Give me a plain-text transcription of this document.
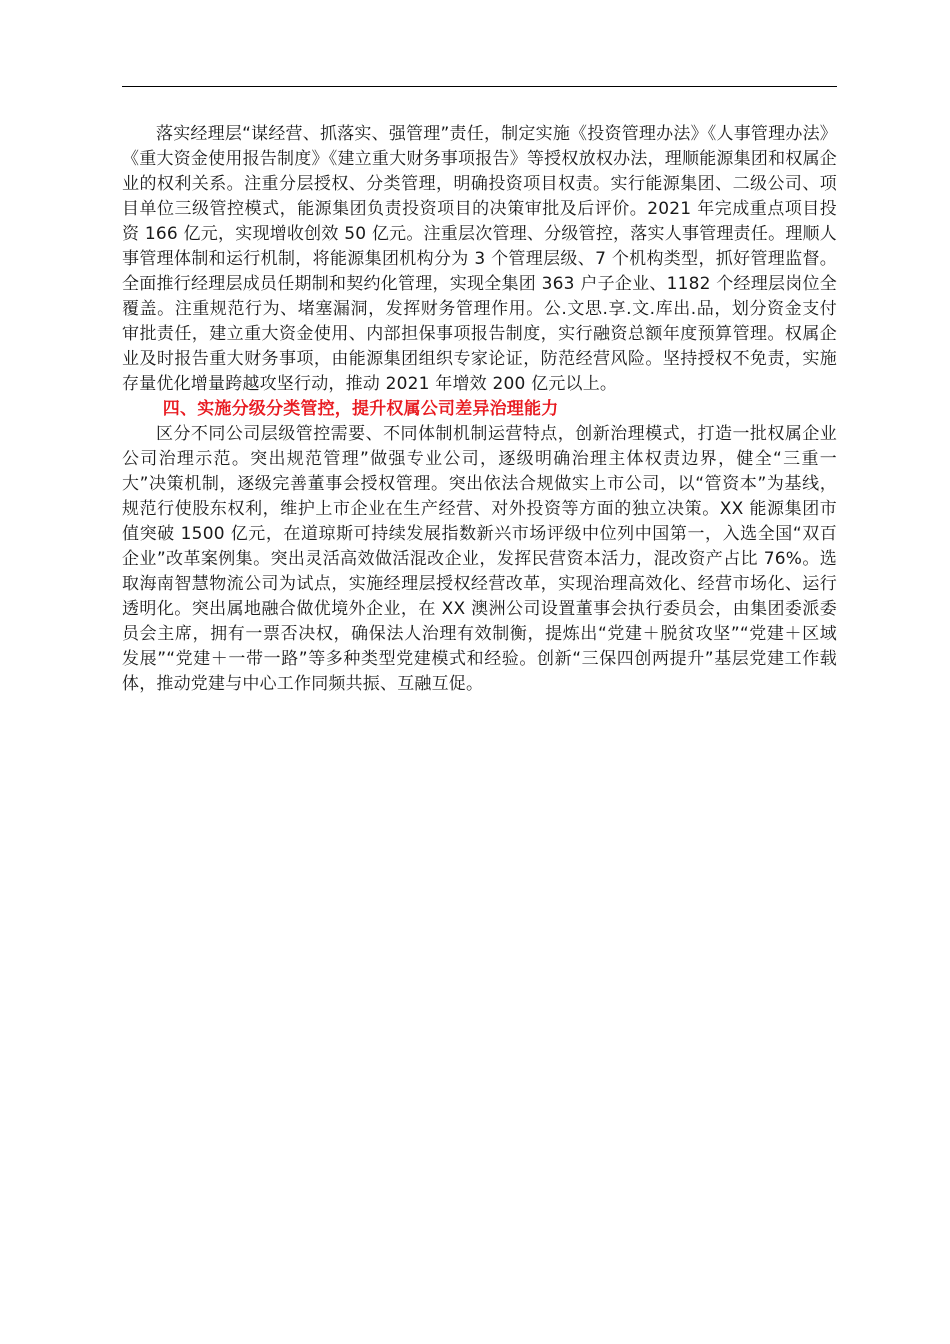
落实经理层“谋经营、抓落实、强管理”责任，制定实施《投资管理办法》《人事管理办法》《重大资金使用报告制度》《建立重大财务事项报告》等授权放权办法，理顺能源集团和权属企业的权利关系。注重分层授权、分类管理，明确投资项目权责。实行能源集团、二级公司、项目单位三级管控模式，能源集团负责投资项目的决策审批及后评价。2021 年完成重点项目投资 166 亿元，实现增收创效 50 亿元。注重层次管理、分级管控，落实人事管理责任。理顺人事管理体制和运行机制，将能源集团机构分为 3 个管理层级、7 个机构类型，抓好管理监督。全面推行经理层成员任期制和契约化管理，实现全集团 363 户子企业、1182 个经理层岗位全覆盖。注重规范行为、堵塞漏洞，发挥财务管理作用。公.文思.享.文.库出.品，划分资金支付审批责任，建立重大资金使用、内部担保事项报告制度，实行融资总额年度预算管理。权属企业及时报告重大财务事项，由能源集团组织专家论证，防范经营风险。坚持授权不免责，实施存量优化增量跨越攻坚行动，推动 2021 年增效 200 亿元以上。

四、实施分级分类管控，提升权属公司差异治理能力

区分不同公司层级管控需要、不同体制机制运营特点，创新治理模式，打造一批权属企业公司治理示范。突出规范管理”做强专业公司，逐级明确治理主体权责边界，健全“三重一大”决策机制，逐级完善董事会授权管理。突出依法合规做实上市公司，以“管资本”为基线，规范行使股东权利，维护上市企业在生产经营、对外投资等方面的独立决策。XX 能源集团市值突破 1500 亿元，在道琼斯可持续发展指数新兴市场评级中位列中国第一，入选全国“双百企业”改革案例集。突出灵活高效做活混改企业，发挥民营资本活力，混改资产占比 76%。选取海南智慧物流公司为试点，实施经理层授权经营改革，实现治理高效化、经营市场化、运行透明化。突出属地融合做优境外企业，在 XX 澳洲公司设置董事会执行委员会，由集团委派委员会主席，拥有一票否决权，确保法人治理有效制衡，提炼出“党建＋脱贫攻坚”“党建＋区域发展”“党建＋一带一路”等多种类型党建模式和经验。创新“三保四创两提升”基层党建工作载体，推动党建与中心工作同频共振、互融互促。
